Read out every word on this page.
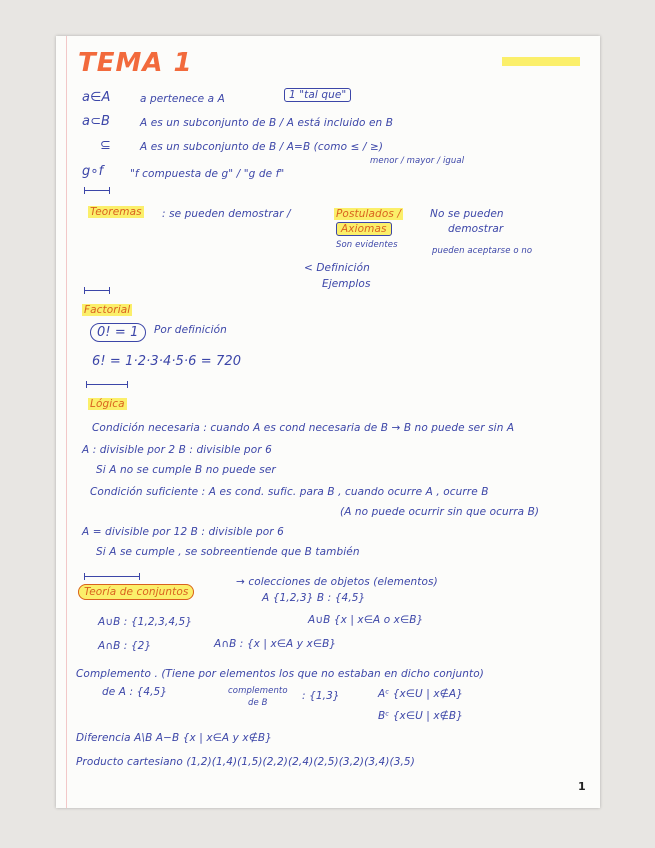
TEMA 1
a∈A	a pertenece a A	1 "tal que"
a⊂B	A es un subconjunto de B / A está incluido en B
⊆	A es un subconjunto de B / A=B (como ≤ / ≥)
menor / mayor / igual
g∘f	"f compuesta de g" / "g de f"
Teoremas : se pueden demostrar /	Postulados /
Axiomas
No se pueden
demostrar
Son evidentes
pueden aceptarse o no
< Definición
Ejemplos
Factorial
0! = 1	Por definición
6! = 1·2·3·4·5·6 = 720
Lógica
Condición necesaria : cuando A es cond necesaria de B → B no puede ser sin A
A : divisible por 2 B : divisible por 6
Si A no se cumple B no puede ser
Condición suficiente : A es cond. sufic. para B , cuando ocurre A , ocurre B
(A no puede ocurrir sin que ocurra B)
A = divisible por 12 B : divisible por 6
Si A se cumple , se sobreentiende que B también
Teoría de conjuntos
→ colecciones de objetos (elementos)
A {1,2,3} B : {4,5}
A∪B : {1,2,3,4,5}	A∪B {x | x∈A o x∈B}
A∩B : {2}	A∩B : {x | x∈A y x∈B}
Complemento . (Tiene por elementos los que no estaban en dicho conjunto)
de A : {4,5}	complemento
de B
: {1,3}	Aᶜ {x∈U | x∉A}
Bᶜ {x∈U | x∉B}
Diferencia A\B A−B {x | x∈A y x∉B}
Producto cartesiano (1,2)(1,4)(1,5)(2,2)(2,4)(2,5)(3,2)(3,4)(3,5)
1
